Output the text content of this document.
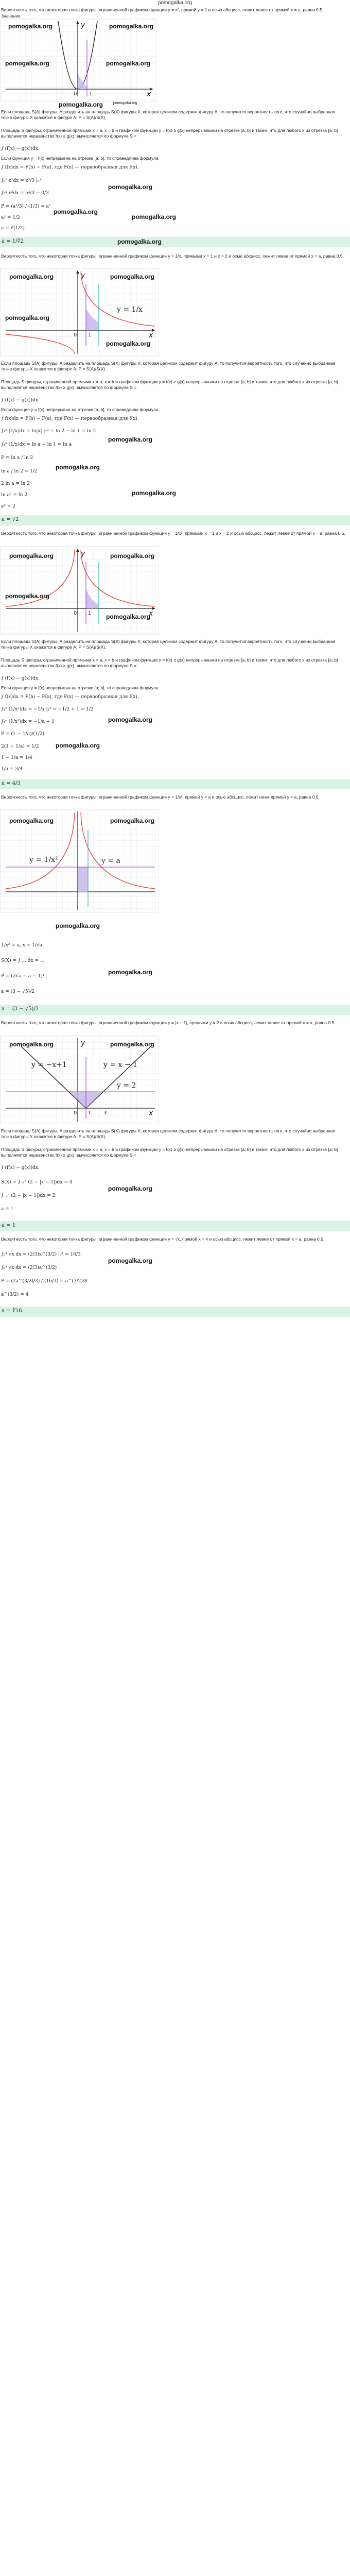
pomogalka.org
Вероятность того, что некоторая точка фигуры, ограниченной графиком функции y = x², прямой y = 1 и осью абсцисс, лежит левее от прямой x = a, равна 0.5.
Значения:
y
x
0 1
pomogalka.org	pomogalka.org
pomogalka.org	pomogalka.org
pomogalka.org	pomogalka.org
Если площадь S(A) фигуры, A разделить на площадь S(X) фигуры X, которая целиком содержит фигуру A, то получится вероятность того, что случайно выбранная точка фигуры X окажется в фигуре A: P = S(A)/S(X).
Площадь S фигуры, ограниченной прямыми x = a, x = b и графиком функции y = f(x) ≥ g(x) непрерывными на отрезке [a; b] и таким, что для любого x из отрезка [a; b] выполняется неравенство f(x) ≥ g(x), вычисляется по формуле S =
∫ (f(x) − g(x))dx.
Если функция y = f(x) непрерывна на отрезке [a; b], то справедлива формула
∫ f(x)dx = F(b) − F(a), где F(x) — первообразная для f(x).
∫₀¹ x²dx = x³/3 |₀¹
∫₀ᵃ x²dx = a³/3 − 0/3
P = (a³/3) / (1/3) = a³
a³ = 1/2
a = ∛(1/2)
pomogalka.org
pomogalka.org
pomogalka.org
a = 1/∛2	pomogalka.org
Вероятность того, что некоторая точка фигуры, ограниченной графиком функции y = 1/x, прямыми x = 1 и x = 2 и осью абсцисс, лежит левее от прямой x = a, равна 0.5.
y
x
0 1
y = 1/x
pomogalka.org	pomogalka.org
pomogalka.org
pomogalka.org
Если площадь S(A) фигуры, A разделить на площадь S(X) фигуры X, которая целиком содержит фигуру A, то получится вероятность того, что случайно выбранная точка фигуры X окажется в фигуре A: P = S(A)/S(X).
Площадь S фигуры, ограниченной прямыми x = a, x = b и графиком функции y = f(x) ≥ g(x) непрерывными на отрезке [a; b] и таким, что для любого x из отрезка [a; b] выполняется неравенство f(x) ≥ g(x), вычисляется по формуле S =
∫ (f(x) − g(x))dx.
Если функция y = f(x) непрерывна на отрезке [a; b], то справедлива формула
∫ f(x)dx = F(b) − F(a), где F(x) — первообразная для f(x).
∫₁² (1/x)dx = ln|x| |₁² = ln 2 − ln 1 = ln 2
∫₁ᵃ (1/x)dx = ln a − ln 1 = ln a
P = ln a / ln 2
ln a / ln 2 = 1/2
2 ln a = ln 2
ln a² = ln 2
a² = 2
pomogalka.org
pomogalka.org
pomogalka.org
a = √2
Вероятность того, что некоторая точка фигуры, ограниченной графиком функции y = 1/x², прямыми x = 1 и x = 2 и осью абсцисс, лежит левее от прямой x = a, равна 0.5.
y
x
0 1
pomogalka.org	pomogalka.org
pomogalka.org
pomogalka.org
Если площадь S(A) фигуры, A разделить на площадь S(X) фигуры X, которая целиком содержит фигуру A, то получится вероятность того, что случайно выбранная точка фигуры X окажется в фигуре A: P = S(A)/S(X).
Площадь S фигуры, ограниченной прямыми x = a, x = b и графиком функции y = f(x) ≥ g(x) непрерывными на отрезке [a; b] и таким, что для любого x из отрезка [a; b] выполняется неравенство f(x) ≥ g(x), вычисляется по формуле S =
∫ (f(x) − g(x))dx.
Если функция y = f(x) непрерывна на отрезке [a; b], то справедлива формула
∫ f(x)dx = F(b) − F(a), где F(x) — первообразная для f(x).
∫₁² (1/x²)dx = −1/x |₁² = −1/2 + 1 = 1/2
∫₁ᵃ (1/x²)dx = −1/a + 1
P = (1 − 1/a)/(1/2)
2(1 − 1/a) = 1/2
1 − 1/a = 1/4
1/a = 3/4
pomogalka.org
pomogalka.org
a = 4/3
Вероятность того, что некоторая точка фигуры, ограниченной графиком функции y = 1/x², прямой y = a и осью абсцисс, лежит ниже прямой y = a, равна 0.5.
y = 1/x²	y = a
pomogalka.org	pomogalka.org
pomogalka.org
1/x² = a, x = 1/√a
S(X) = ∫ ... dx = ...
P = (2√a − a − 1)/...
a = (3 − √5)/2
pomogalka.org
a = (3 − √5)/2
Вероятность того, что некоторая точка фигуры, ограниченной графиком функции y = |x − 1|, прямыми y = 2 и осью абсцисс, лежит левее от прямой x = a, равна 0.5.
y
x
0 1 3
y = −x+1	y = x − 1
y = 2
pomogalka.org	pomogalka.org
Если площадь S(A) фигуры, A разделить на площадь S(X) фигуры X, которая целиком содержит фигуру A, то получится вероятность того, что случайно выбранная точка фигуры X окажется в фигуре A: P = S(A)/S(X).
Площадь S фигуры, ограниченной прямыми x = a, x = b и графиком функции y = f(x) ≥ g(x) непрерывными на отрезке [a; b] и таким, что для любого x из отрезка [a; b] выполняется неравенство f(x) ≥ g(x), вычисляется по формуле S =
∫ (f(x) − g(x))dx.
S(X) = ∫₋₁³ (2 − |x − 1|)dx = 4
∫₋₁ᵃ (2 − |x − 1|)dx = 2
a = 1
pomogalka.org
a = 1
Вероятность того, что некоторая точка фигуры, ограниченной графиком функции y = √x, прямой x = 4 и осью абсцисс, лежит левее от прямой x = a, равна 0.5.
∫₀⁴ √x dx = (2/3)x^(3/2) |₀⁴ = 16/3
∫₀ᵃ √x dx = (2/3)a^(3/2)
P = (2a^(3/2)/3) / (16/3) = a^(3/2)/8
a^(3/2) = 4
pomogalka.org
a = ∛16
